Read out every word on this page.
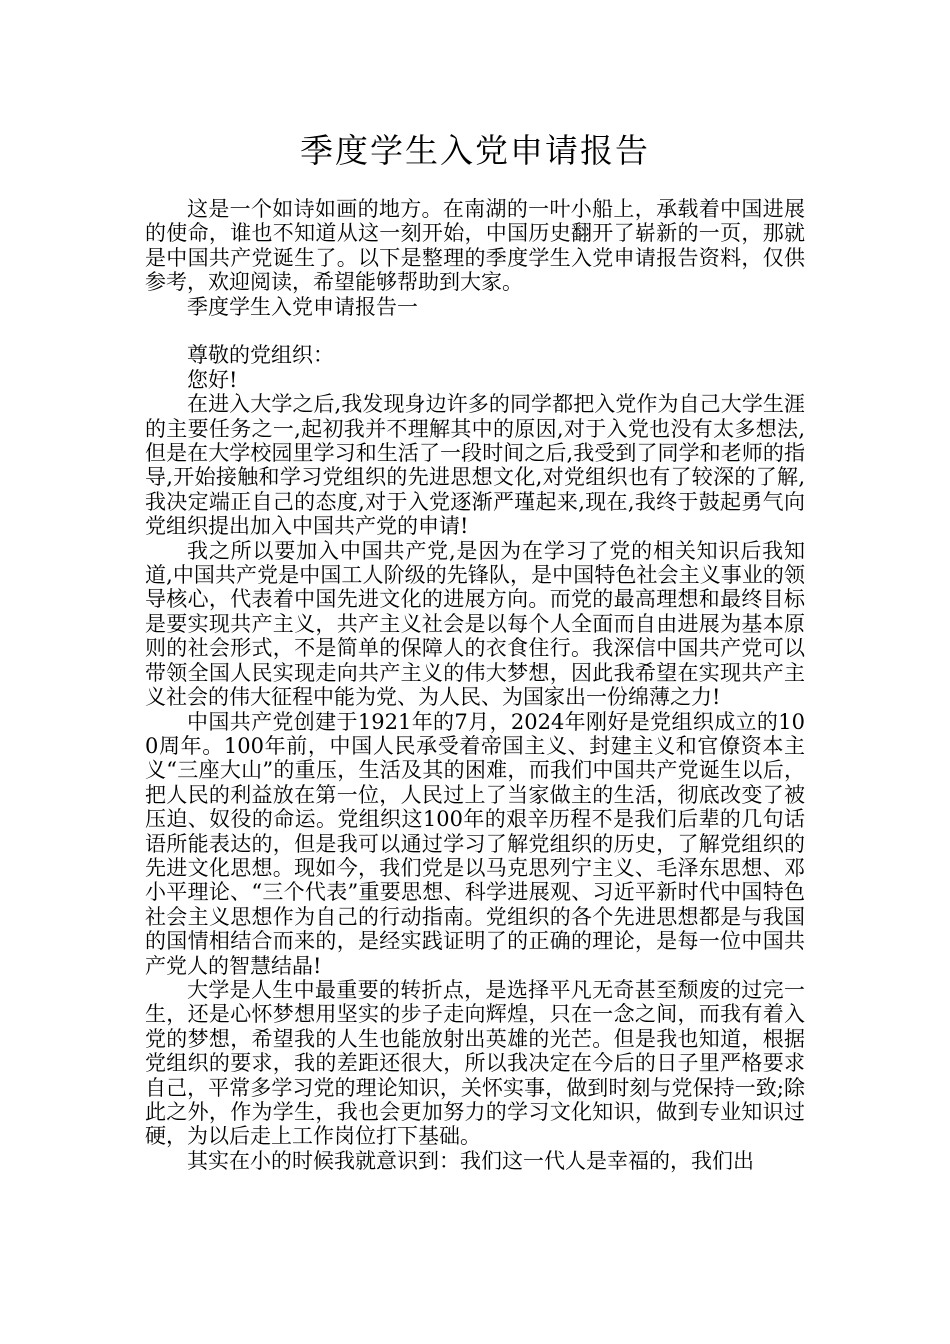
季度学生入党申请报告

这是一个如诗如画的地方。在南湖的一叶小船上，承载着中国进展的使命，谁也不知道从这一刻开始，中国历史翻开了崭新的一页，那就是中国共产党诞生了。以下是整理的季度学生入党申请报告资料，仅供参考，欢迎阅读，希望能够帮助到大家。

季度学生入党申请报告一

尊敬的党组织：

您好!

在进入大学之后,我发现身边许多的同学都把入党作为自己大学生涯的主要任务之一,起初我并不理解其中的原因,对于入党也没有太多想法,但是在大学校园里学习和生活了一段时间之后,我受到了同学和老师的指导,开始接触和学习党组织的先进思想文化,对党组织也有了较深的了解,我决定端正自己的态度,对于入党逐渐严瑾起来,现在,我终于鼓起勇气向党组织提出加入中国共产党的申请!

我之所以要加入中国共产党,是因为在学习了党的相关知识后我知道,中国共产党是中国工人阶级的先锋队，是中国特色社会主义事业的领导核心，代表着中国先进文化的进展方向。而党的最高理想和最终目标是要实现共产主义，共产主义社会是以每个人全面而自由进展为基本原则的社会形式，不是简单的保障人的衣食住行。我深信中国共产党可以带领全国人民实现走向共产主义的伟大梦想，因此我希望在实现共产主义社会的伟大征程中能为党、为人民、为国家出一份绵薄之力!

中国共产党创建于1921年的7月，2024年刚好是党组织成立的100周年。100年前，中国人民承受着帝国主义、封建主义和官僚资本主义“三座大山”的重压，生活及其的困难，而我们中国共产党诞生以后，把人民的利益放在第一位，人民过上了当家做主的生活，彻底改变了被压迫、奴役的命运。党组织这100年的艰辛历程不是我们后辈的几句话语所能表达的，但是我可以通过学习了解党组织的历史，了解党组织的先进文化思想。现如今，我们党是以马克思列宁主义、毛泽东思想、邓小平理论、“三个代表”重要思想、科学进展观、习近平新时代中国特色社会主义思想作为自己的行动指南。党组织的各个先进思想都是与我国的国情相结合而来的，是经实践证明了的正确的理论，是每一位中国共产党人的智慧结晶!

大学是人生中最重要的转折点，是选择平凡无奇甚至颓废的过完一生，还是心怀梦想用坚实的步子走向辉煌，只在一念之间，而我有着入党的梦想，希望我的人生也能放射出英雄的光芒。但是我也知道，根据党组织的要求，我的差距还很大，所以我决定在今后的日子里严格要求自己，平常多学习党的理论知识，关怀实事，做到时刻与党保持一致;除此之外，作为学生，我也会更加努力的学习文化知识，做到专业知识过硬，为以后走上工作岗位打下基础。

其实在小的时候我就意识到：我们这一代人是幸福的，我们出
